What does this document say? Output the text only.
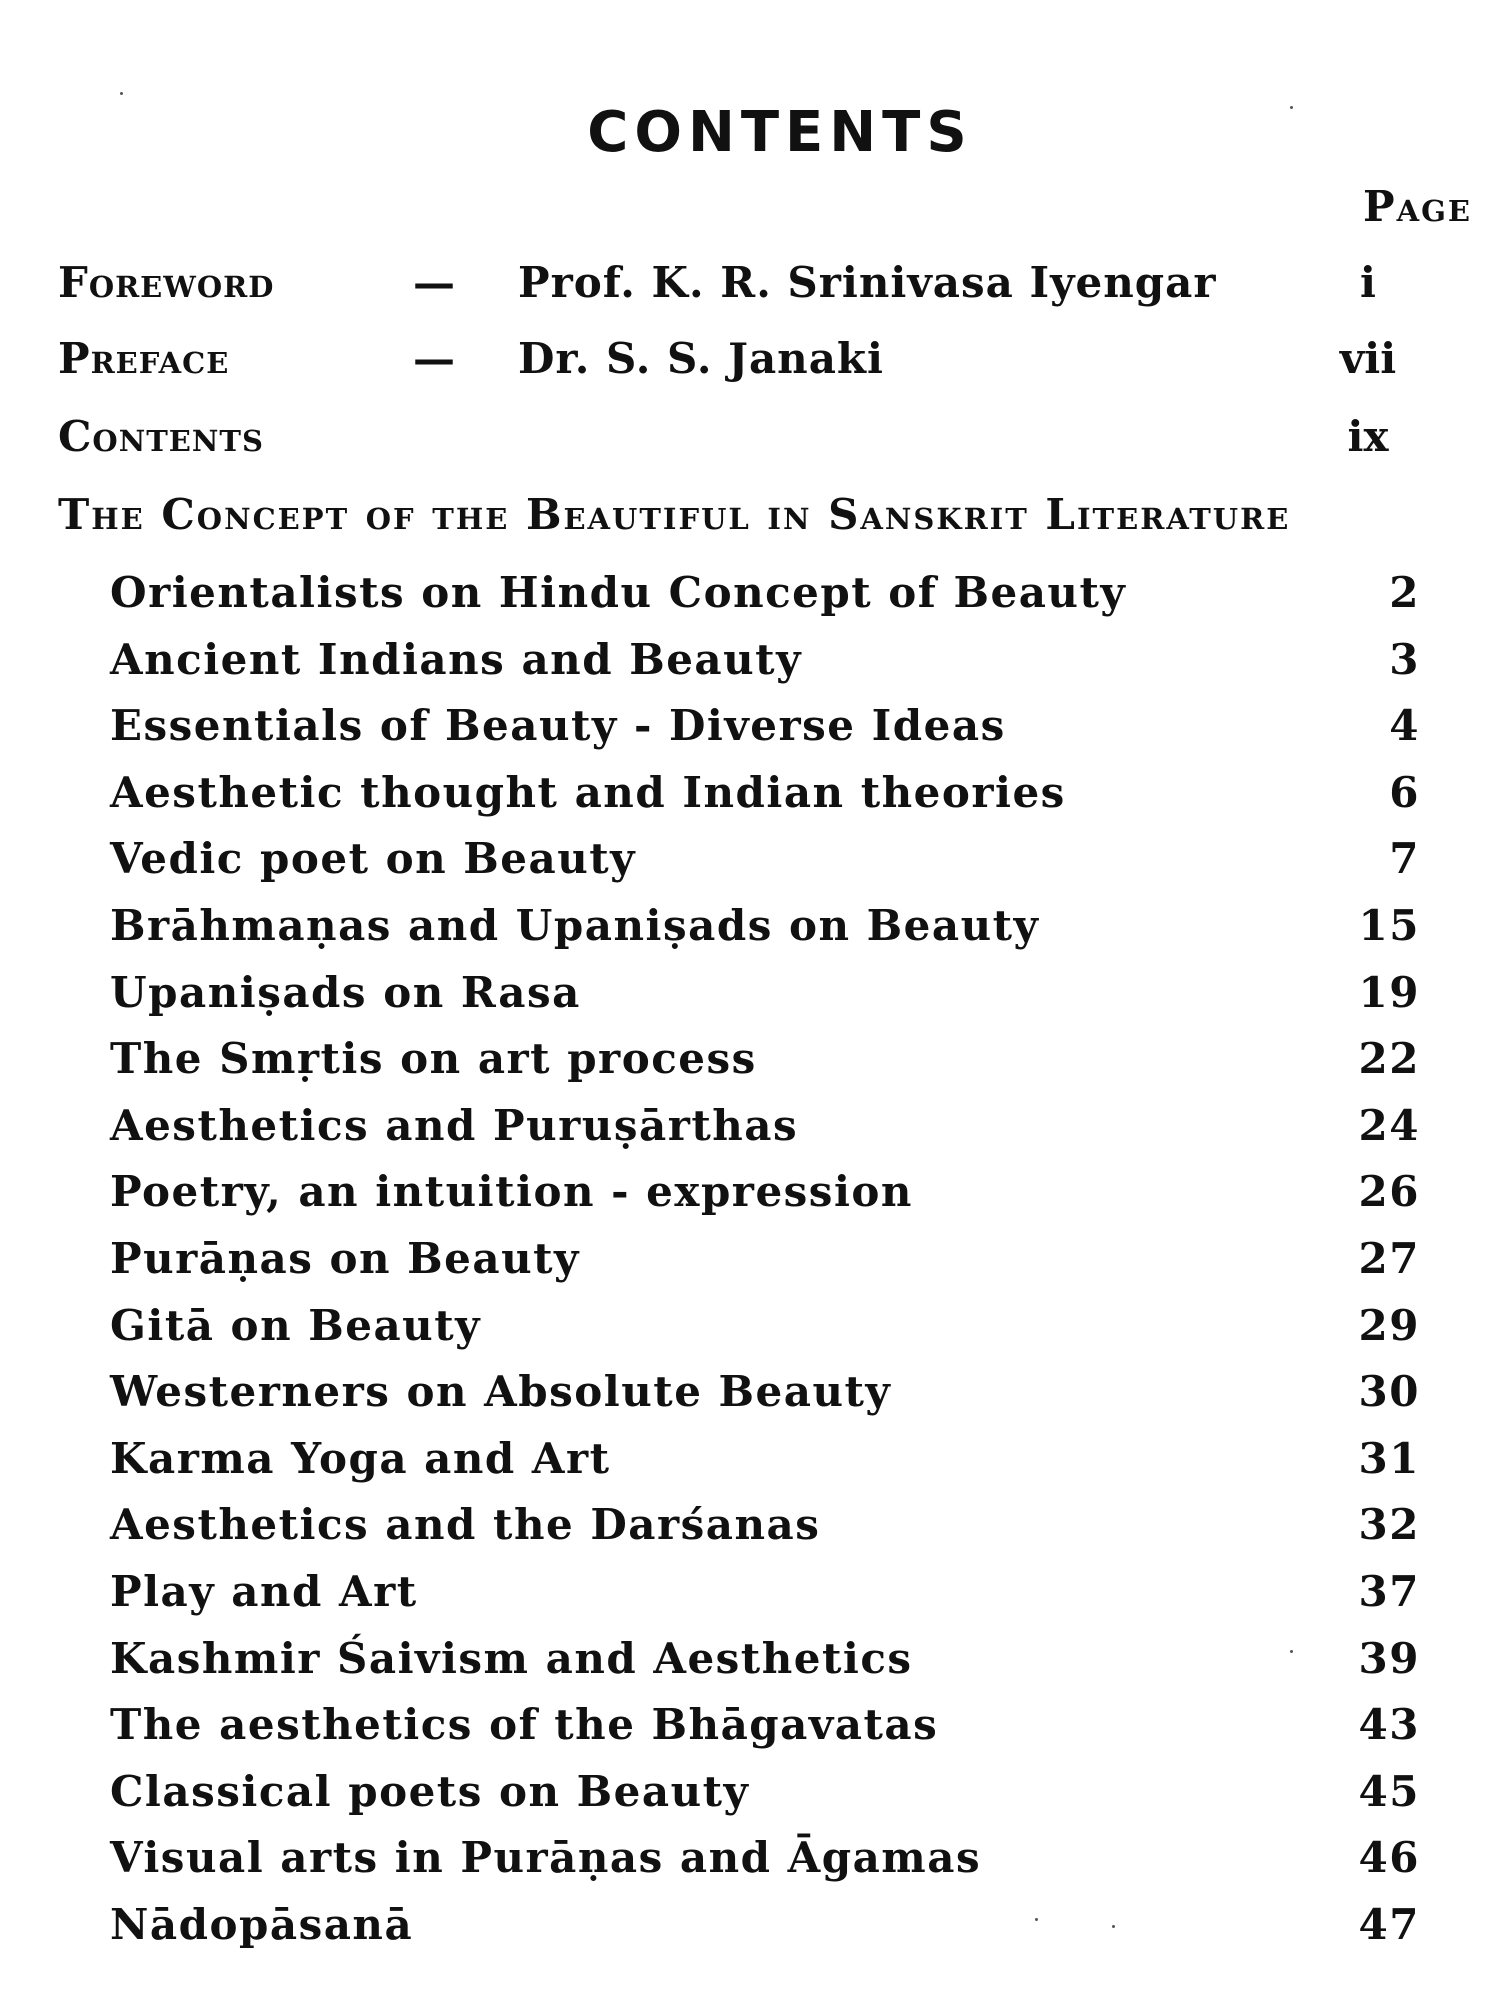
CONTENTS
Page
Foreword	— Prof. K. R. Srinivasa Iyengar	i
Preface	— Dr. S. S. Janaki	vii
Contents	ix
The Concept of the Beautiful in Sanskrit Literature
Orientalists on Hindu Concept of Beauty	2
Ancient Indians and Beauty	3
Essentials of Beauty - Diverse Ideas	4
Aesthetic thought and Indian theories	6
Vedic poet on Beauty	7
Brāhmaṇas and Upaniṣads on Beauty	15
Upaniṣads on Rasa	19
The Smṛtis on art process	22
Aesthetics and Puruṣārthas	24
Poetry, an intuition - expression	26
Purāṇas on Beauty	27
Gitā on Beauty	29
Westerners on Absolute Beauty	30
Karma Yoga and Art	31
Aesthetics and the Darśanas	32
Play and Art	37
Kashmir Śaivism and Aesthetics	39
The aesthetics of the Bhāgavatas	43
Classical poets on Beauty	45
Visual arts in Purāṇas and Āgamas	46
Nādopāsanā	47
